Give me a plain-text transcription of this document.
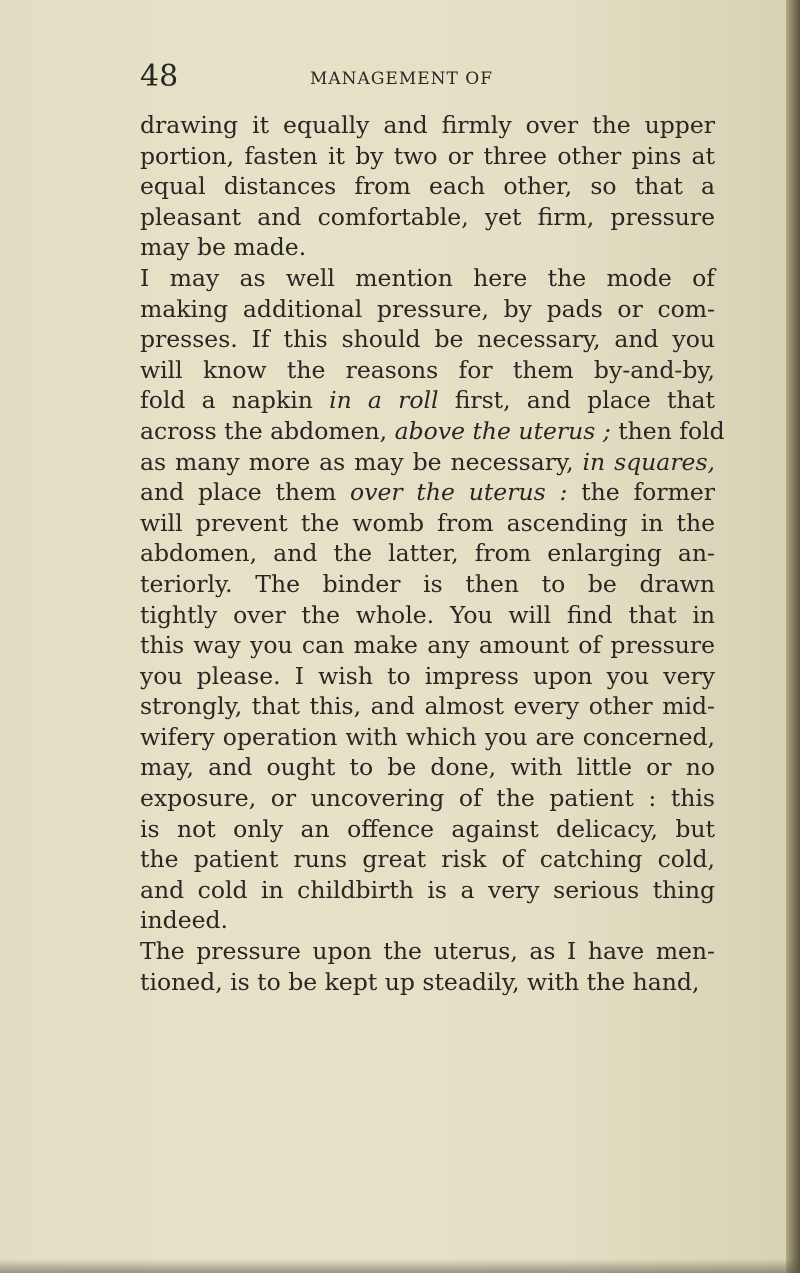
48	MANAGEMENT OF
drawing it equally and firmly over the upper
portion, fasten it by two or three other pins at
equal distances from each other, so that a
pleasant and comfortable, yet firm, pressure
may be made.
I may as well mention here the mode of
making additional pressure, by pads or com-
presses. If this should be necessary, and you
will know the reasons for them by-and-by,
fold a napkin in a roll first, and place that
across the abdomen, above the uterus ; then fold
as many more as may be necessary, in squares,
and place them over the uterus : the former
will prevent the womb from ascending in the
abdomen, and the latter, from enlarging an-
teriorly. The binder is then to be drawn
tightly over the whole. You will find that in
this way you can make any amount of pressure
you please. I wish to impress upon you very
strongly, that this, and almost every other mid-
wifery operation with which you are concerned,
may, and ought to be done, with little or no
exposure, or uncovering of the patient : this
is not only an offence against delicacy, but
the patient runs great risk of catching cold,
and cold in childbirth is a very serious thing
indeed.
The pressure upon the uterus, as I have men-
tioned, is to be kept up steadily, with the hand,
